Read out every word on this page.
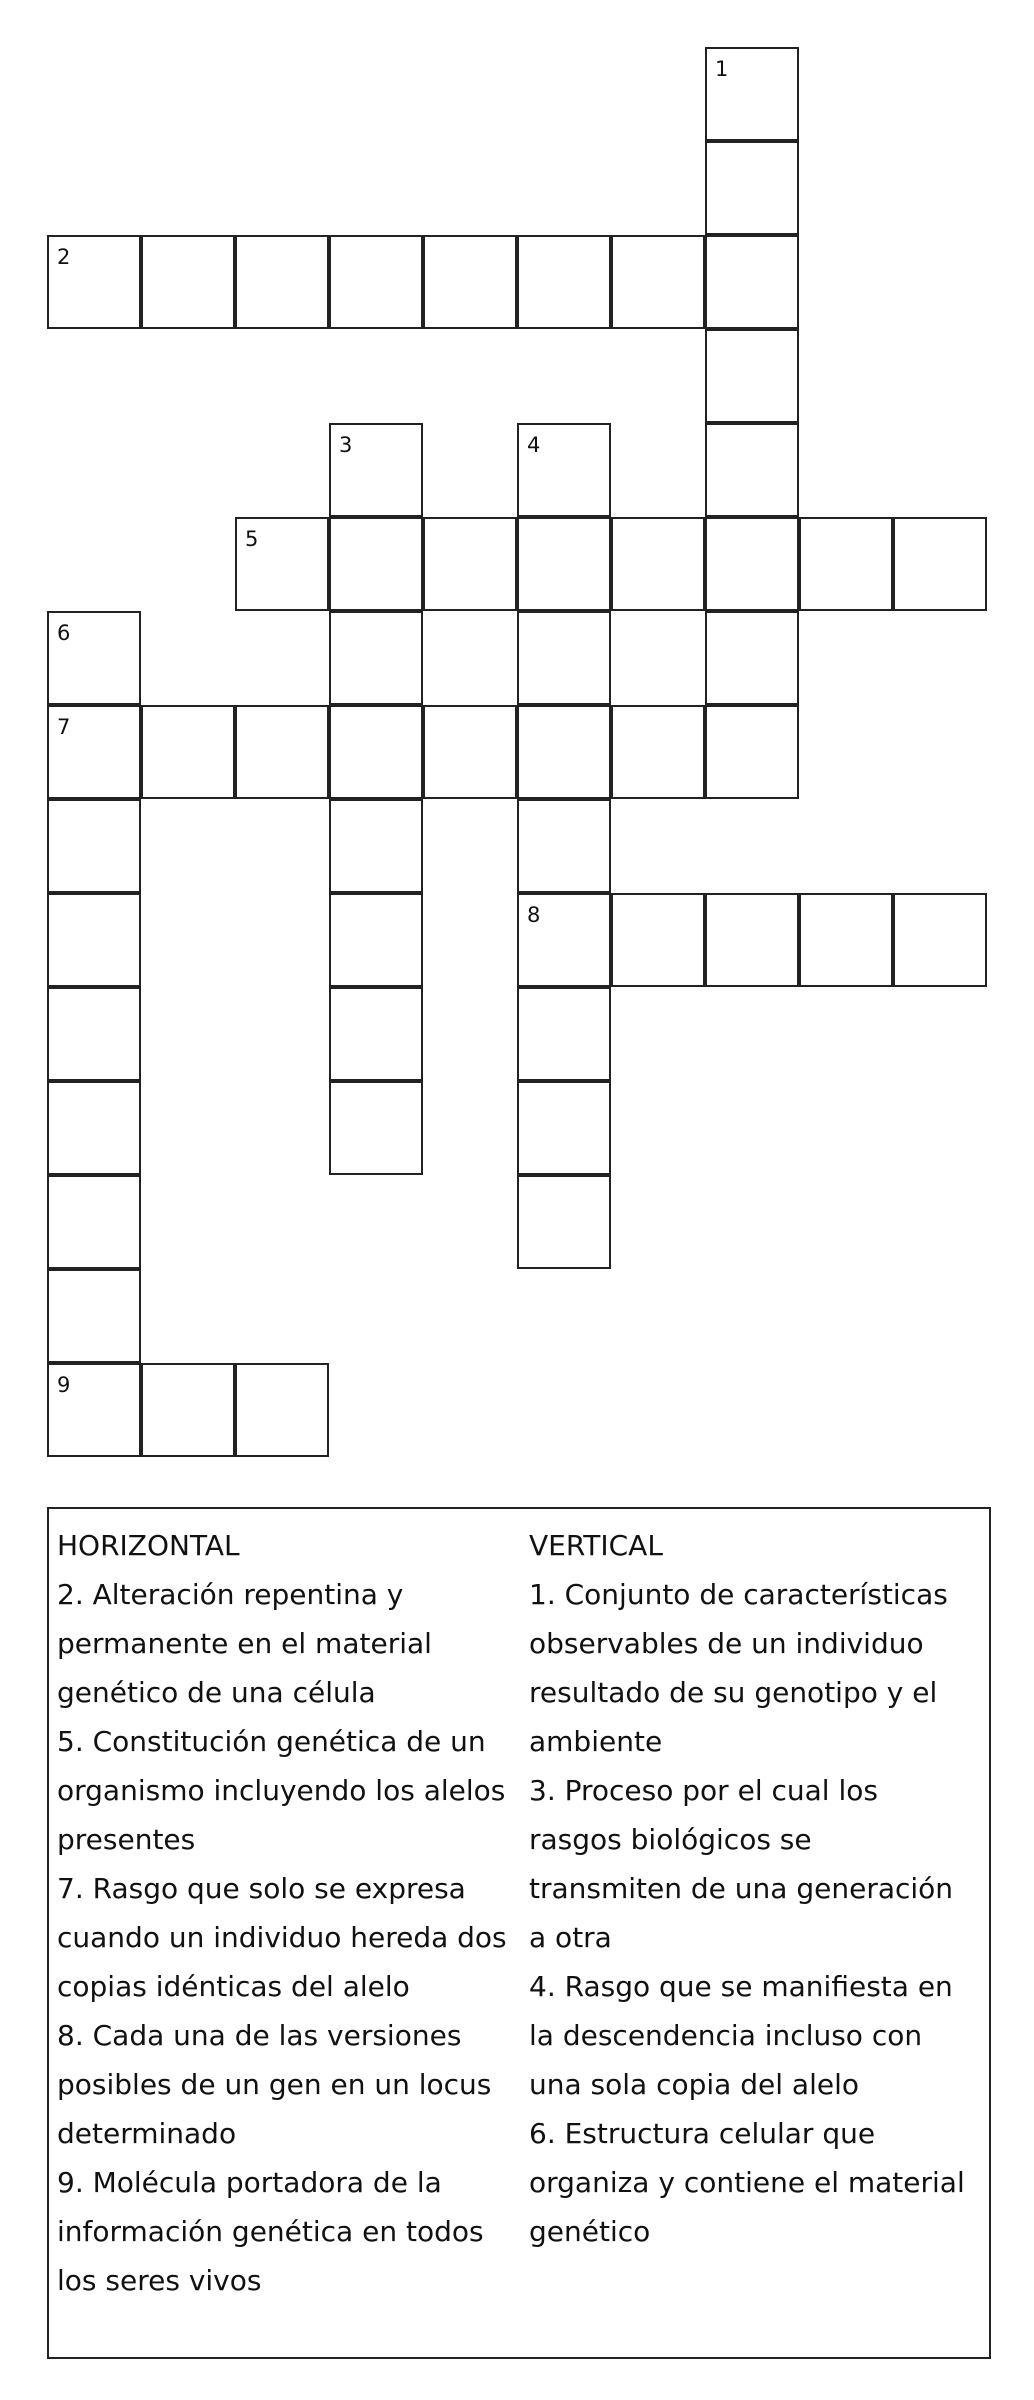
1
2
3	4
8
5
6
7
9
HORIZONTAL
2. Alteración repentina y permanente en el material genético de una célula
5. Constitución genética de un organismo incluyendo los alelos presentes
7. Rasgo que solo se expresa cuando un individuo hereda dos copias idénticas del alelo
8. Cada una de las versiones posibles de un gen en un locus determinado
9. Molécula portadora de la información genética en todos los seres vivos
VERTICAL
1. Conjunto de características observables de un individuo resultado de su genotipo y el ambiente
3. Proceso por el cual los rasgos biológicos se transmiten de una generación a otra
4. Rasgo que se manifiesta en la descendencia incluso con una sola copia del alelo
6. Estructura celular que organiza y contiene el material genético
